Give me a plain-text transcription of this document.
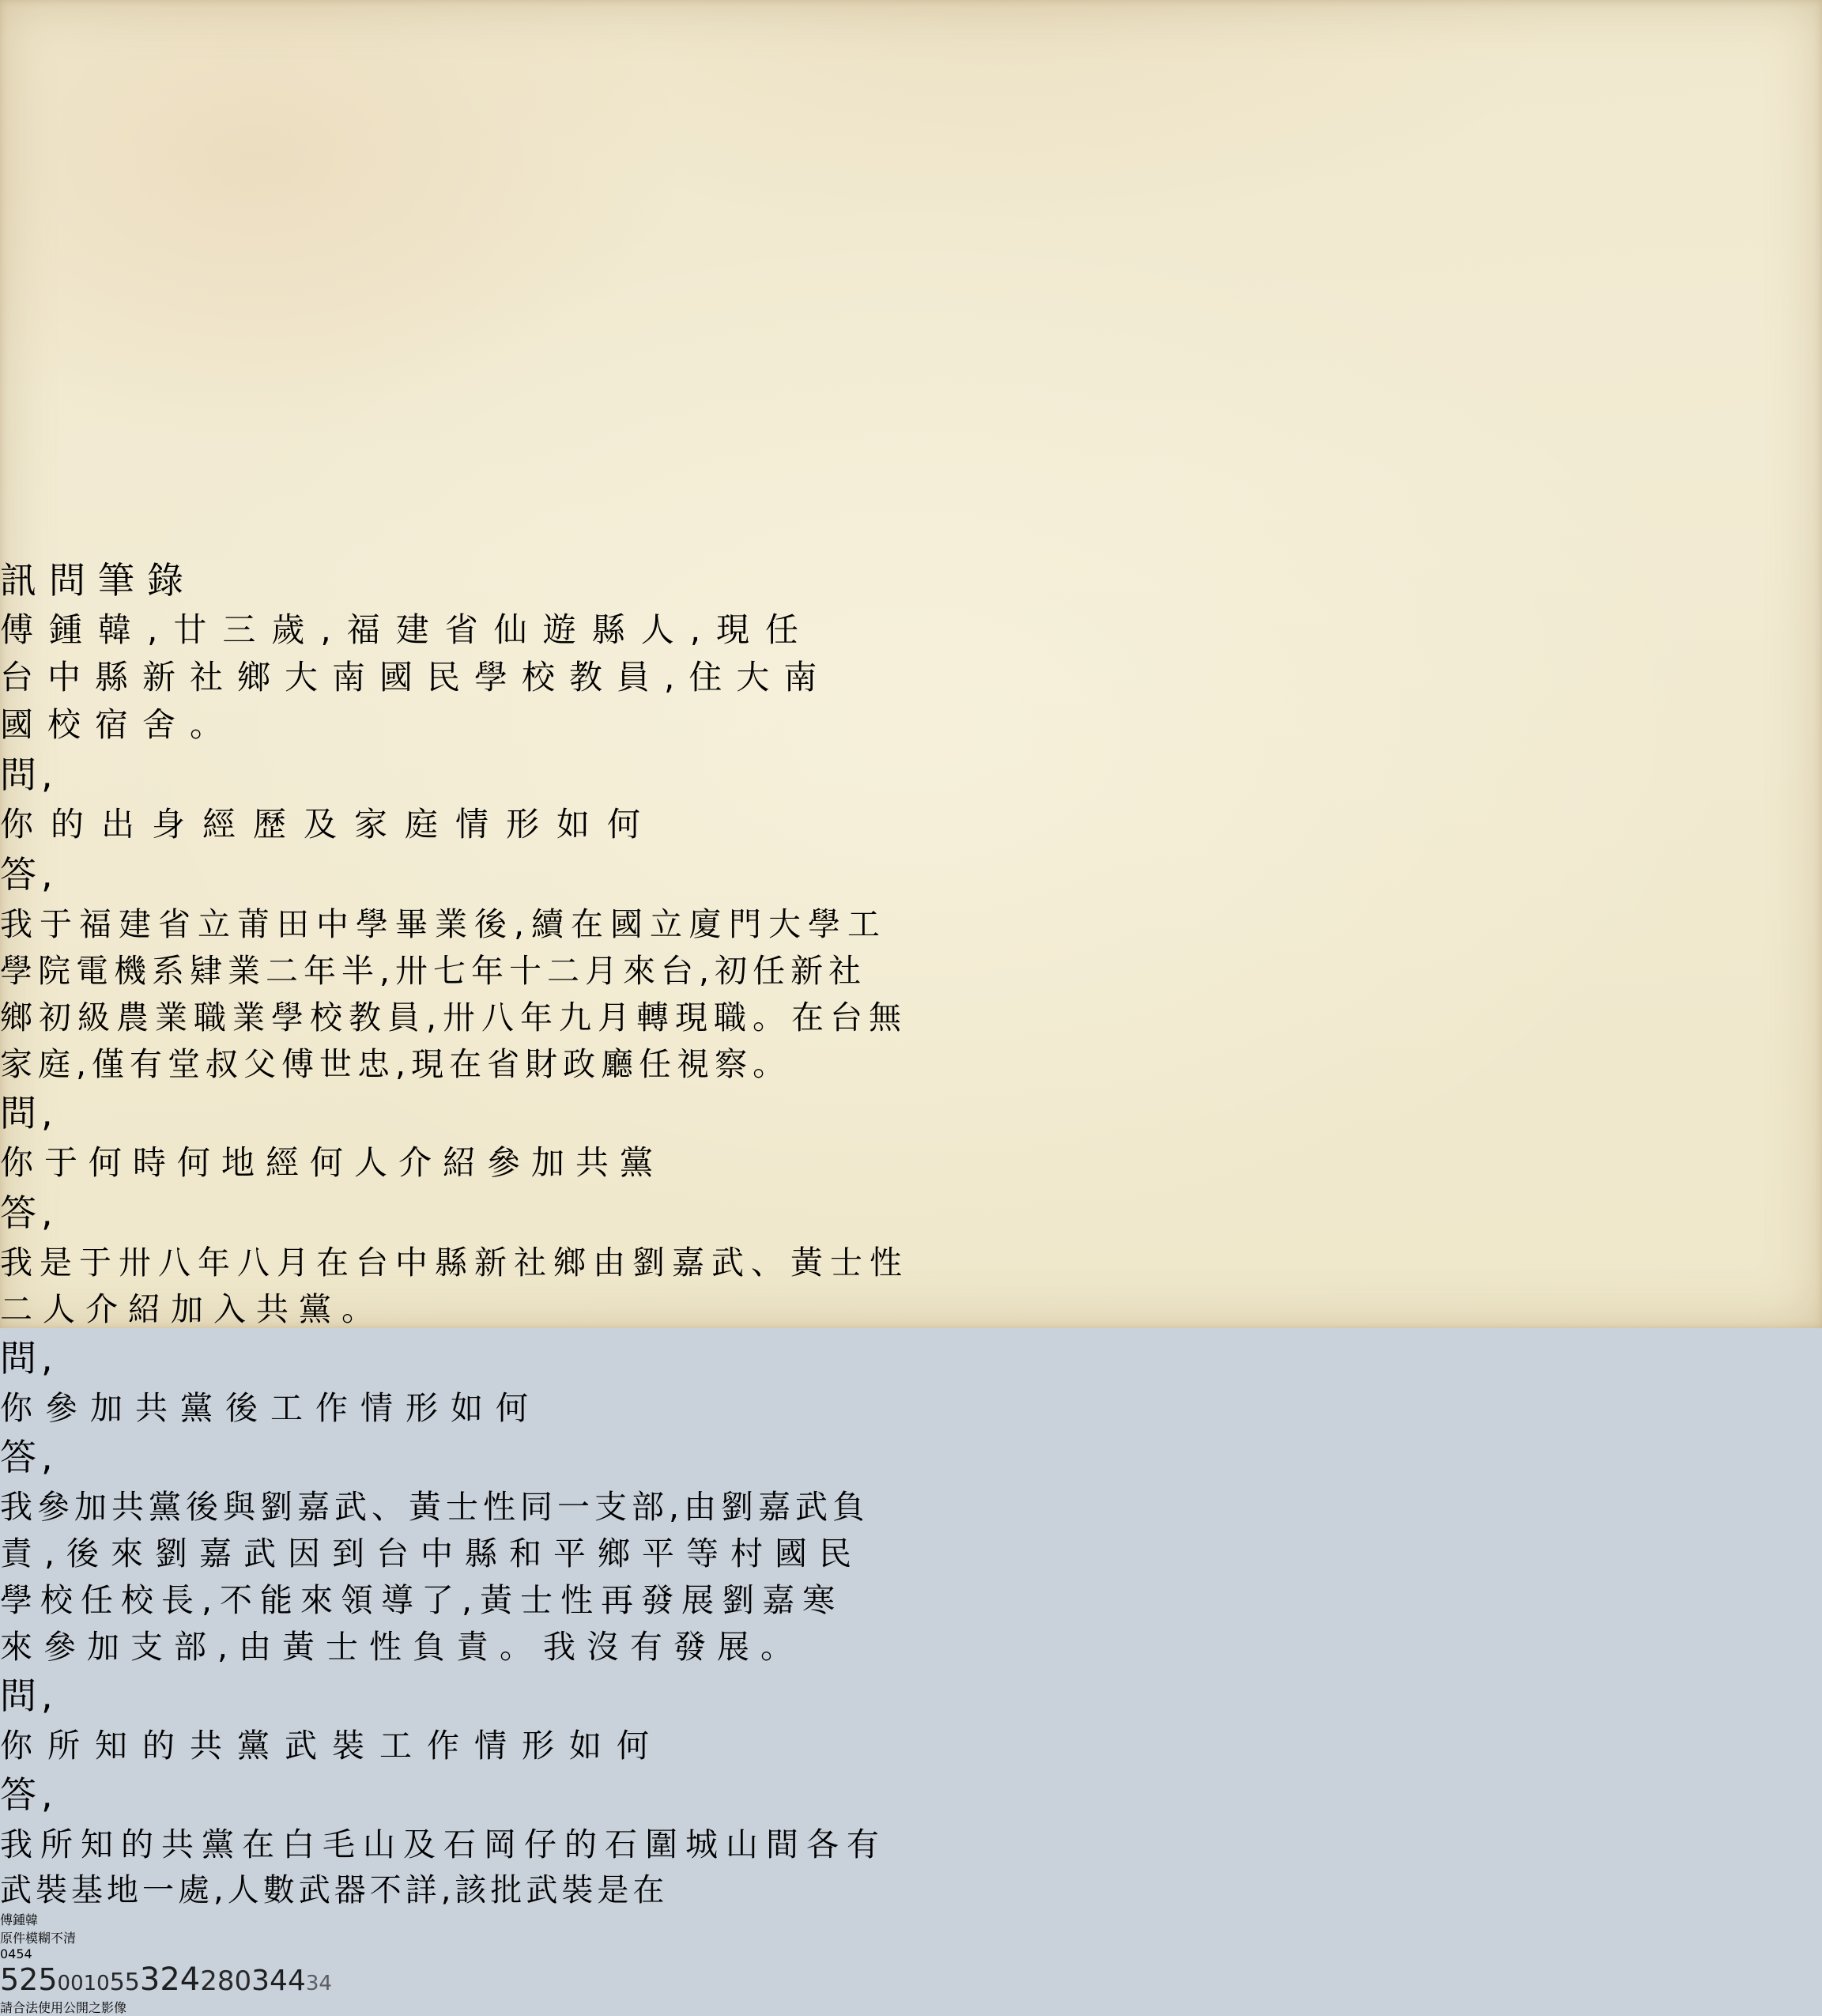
訊問筆錄
傅鍾韓,廿三歲,福建省仙遊縣人,現任
台中縣新社鄉大南國民學校教員,住大南
國校宿舍。
問,
你的出身經歷及家庭情形如何
答,
我于福建省立莆田中學畢業後,續在國立廈門大學工
學院電機系肄業二年半,卅七年十二月來台,初任新社
鄉初級農業職業學校教員,卅八年九月轉現職。在台無
家庭,僅有堂叔父傅世忠,現在省財政廳任視察。
問,
你于何時何地經何人介紹參加共黨
答,
我是于卅八年八月在台中縣新社鄉由劉嘉武、黃士性
二人介紹加入共黨。
問,
你參加共黨後工作情形如何
答,
我參加共黨後與劉嘉武、黃士性同一支部,由劉嘉武負
責,後來劉嘉武因到台中縣和平鄉平等村國民
學校任校長,不能來領導了,黃士性再發展劉嘉寒
來參加支部,由黃士性負責。我沒有發展。
問,
你所知的共黨武裝工作情形如何
答,
我所知的共黨在白毛山及石岡仔的石圍城山間各有
武裝基地一處,人數武器不詳,該批武裝是在
傅鍾韓
原件模糊不清
0454
52500105532428034434
請合法使用公開之影像
